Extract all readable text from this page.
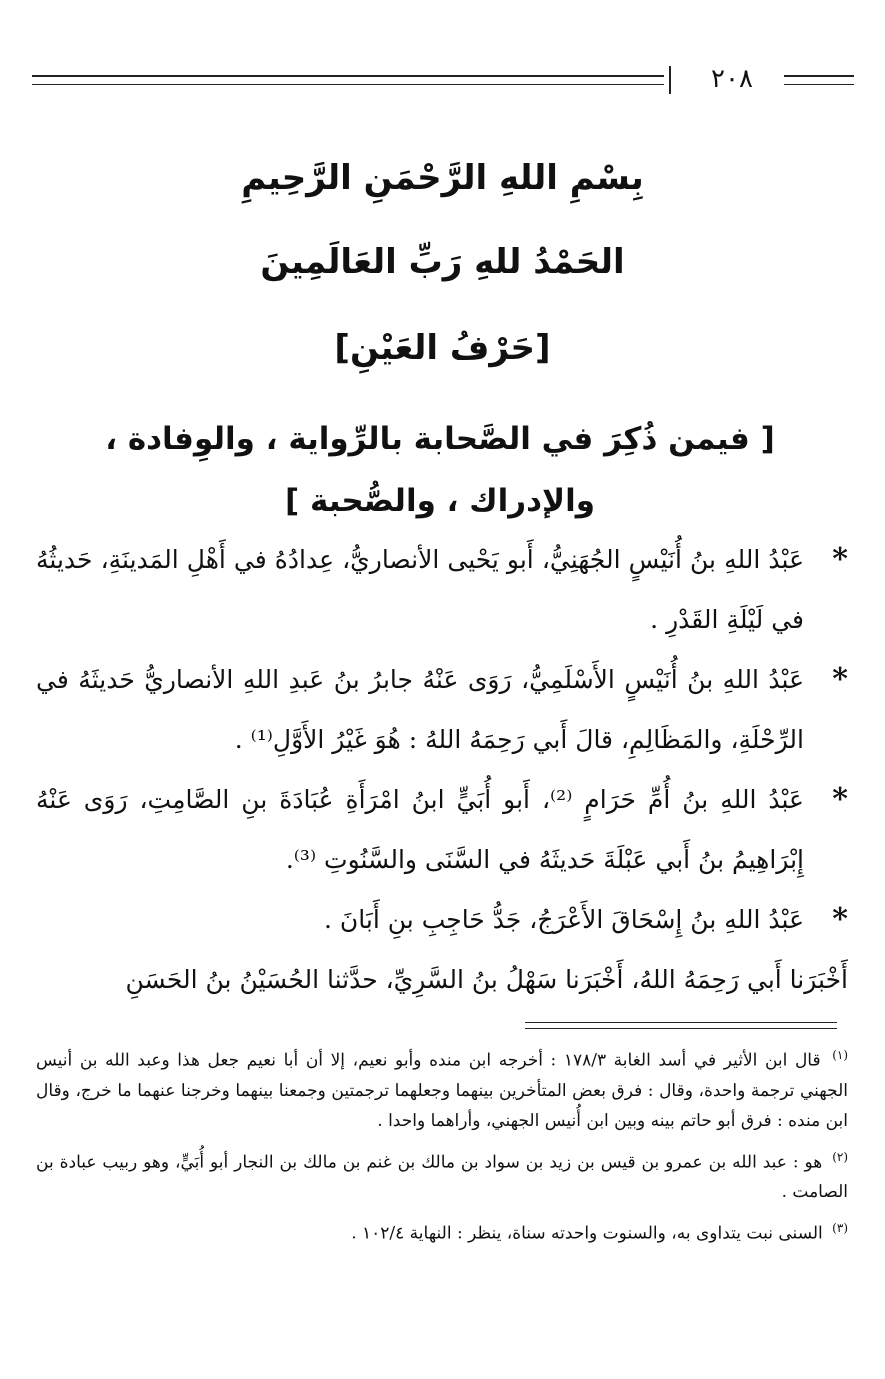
٢٠٨
بِسْمِ اللهِ الرَّحْمَنِ الرَّحِيمِ
الحَمْدُ للهِ رَبِّ العَالَمِينَ
[حَرْفُ العَيْنِ]
[ فيمن ذُكِرَ في الصَّحابة بالرِّواية ، والوِفادة ، والإدراك ، والصُّحبة ]

*
عَبْدُ اللهِ بنُ أُنَيْسٍ الجُهَنِيُّ، أَبو يَحْيى الأنصاريُّ، عِدادُهُ في أَهْلِ المَدينَةِ، حَديثُهُ في لَيْلَةِ القَدْرِ .

*
عَبْدُ اللهِ بنُ أُنَيْسٍ الأَسْلَمِيُّ، رَوَى عَنْهُ جابرُ بنُ عَبدِ اللهِ الأنصاريُّ حَديثَهُ في الرِّحْلَةِ، والمَظَالِمِ، قالَ أَبي رَحِمَهُ اللهُ : هُوَ غَيْرُ الأَوَّلِ⁽¹⁾ .

*
عَبْدُ اللهِ بنُ أُمِّ حَرَامٍ ⁽²⁾، أَبو أُبَيٍّ ابنُ امْرَأَةِ عُبَادَةَ بنِ الصَّامِتِ، رَوَى عَنْهُ إِبْرَاهِيمُ بنُ أَبي عَبْلَةَ حَديثَهُ في السَّنَى والسَّنُوتِ ⁽³⁾.

*
عَبْدُ اللهِ بنُ إِسْحَاقَ الأَعْرَجُ، جَدُّ حَاجِبِ بنِ أَبَانَ .

أَخْبَرَنا أَبي رَحِمَهُ اللهُ، أَخْبَرَنا سَهْلُ بنُ السَّرِيِّ، حدَّثنا الحُسَيْنُ بنُ الحَسَنِ

$^{(١)}$ قال ابن الأثير في أسد الغابة ١٧٨/٣ : أخرجه ابن منده وأبو نعيم، إلا أن أبا نعيم جعل هذا وعبد الله بن أنيس الجهني ترجمة واحدة، وقال : فرق بعض المتأخرين بينهما وجعلهما ترجمتين وجمعنا بينهما وخرجنا عنهما ما خرج، وقال ابن منده : فرق أبو حاتم بينه وبين ابن أُنيس الجهني، وأراهما واحدا .

$^{(٢)}$ هو : عبد الله بن عمرو بن قيس بن زيد بن سواد بن مالك بن غنم بن مالك بن النجار أبو أُبَيٍّ، وهو ربيب عبادة بن الصامت .

$^{(٣)}$ السنى نبت يتداوى به، والسنوت واحدته سناة، ينظر : النهاية ١٠٢/٤ .
